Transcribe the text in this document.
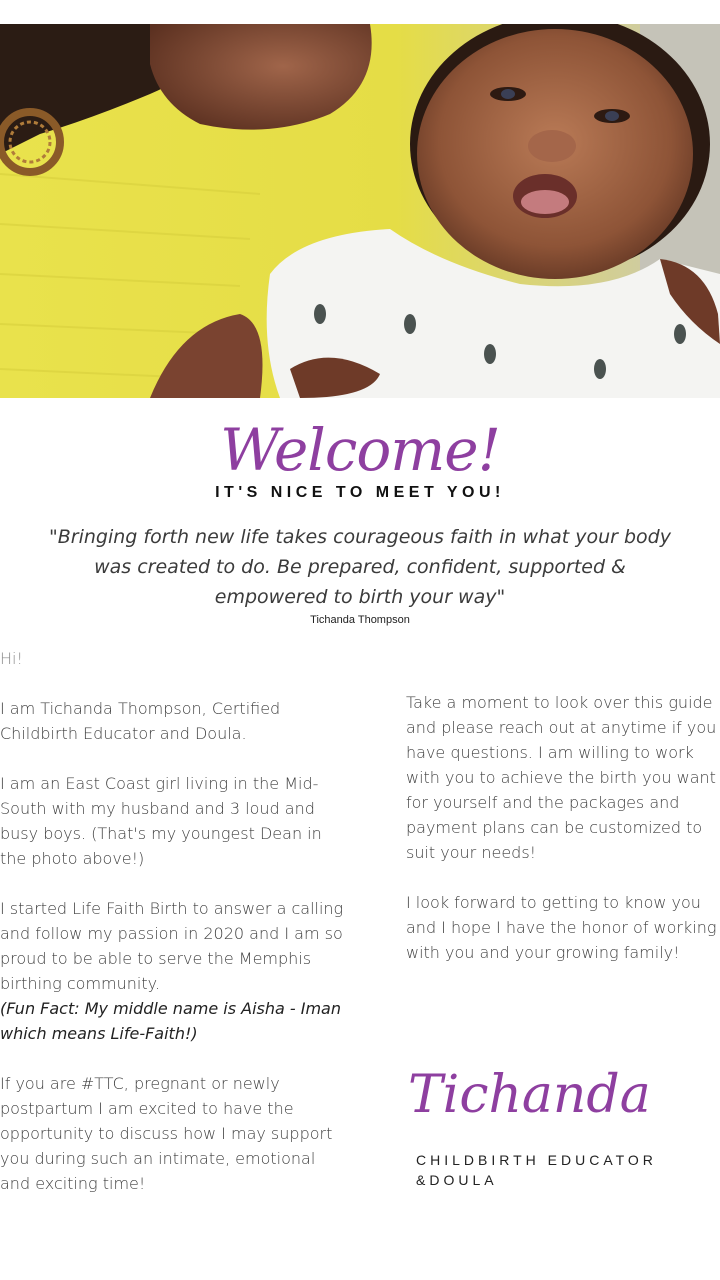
Welcome!
IT'S NICE TO MEET YOU!
"Bringing forth new life takes courageous faith in what your body was created to do. Be prepared, confident, supported & empowered to birth your way"
Tichanda Thompson

Hi!

I am Tichanda Thompson, Certified Childbirth Educator and Doula.

I am an East Coast girl living in the Mid-South with my husband and 3 loud and busy boys. (That's my youngest Dean in the photo above!)

I started Life Faith Birth to answer a calling and follow my passion in 2020 and I am so proud to be able to serve the Memphis birthing community.

(Fun Fact: My middle name is Aisha - Iman which means Life-Faith!)

If you are #TTC, pregnant or newly postpartum I am excited to have the opportunity to discuss how I may support you during such an intimate, emotional and exciting time!

Take a moment to look over this guide and please reach out at anytime if you have questions. I am willing to work with you to achieve the birth you want for yourself and the packages and payment plans can be customized to suit your needs!

I look forward to getting to know you and I hope I have the honor of working with you and your growing family!

Tichanda
CHILDBIRTH EDUCATOR &DOULA
